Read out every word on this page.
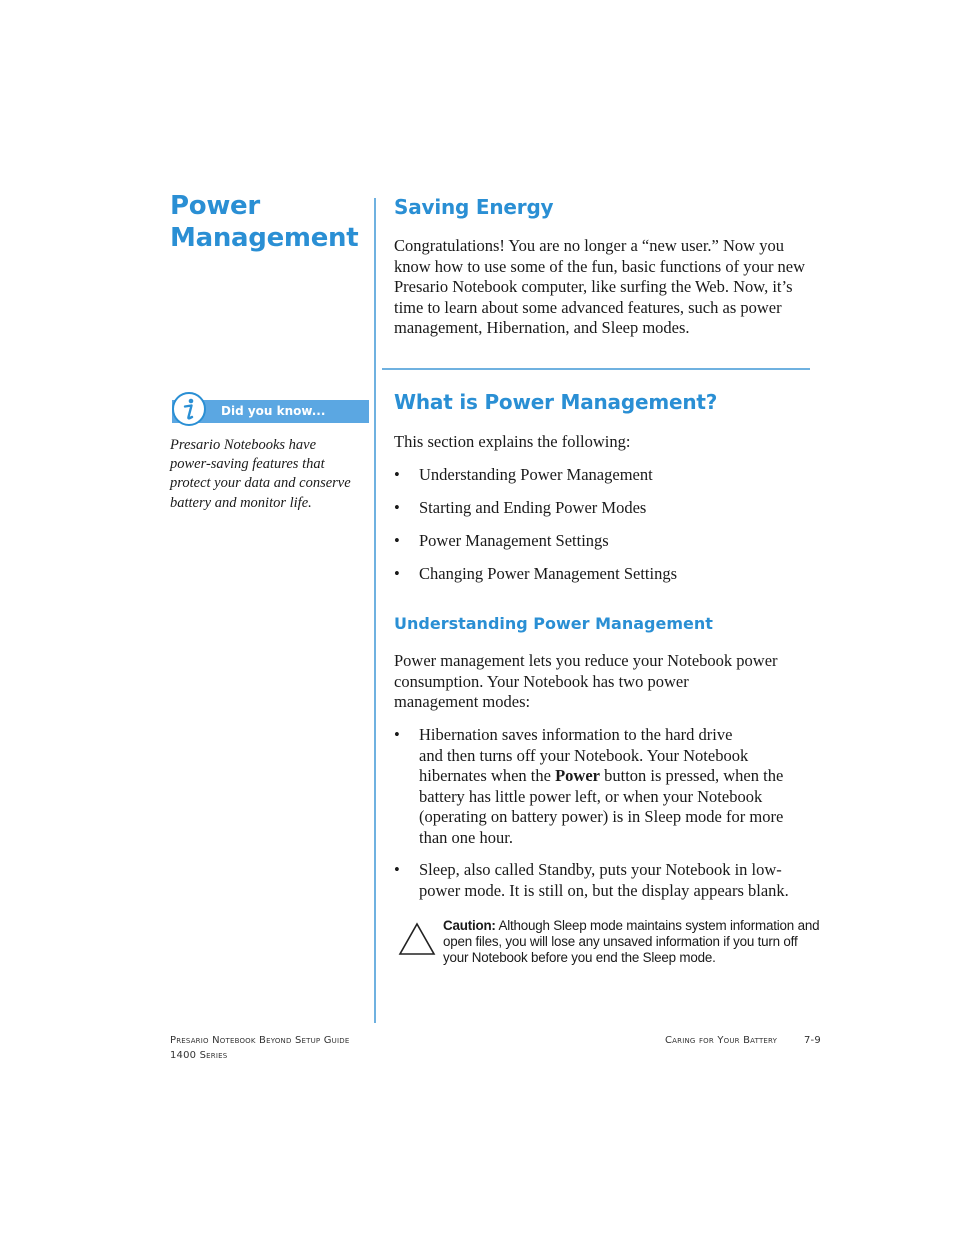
Power
Management
Saving Energy
Congratulations! You are no longer a “new user.” Now you
know how to use some of the fun, basic functions of your new
Presario Notebook computer, like surfing the Web. Now, it’s
time to learn about some advanced features, such as power
management, Hibernation, and Sleep modes.
Did you know...
Presario Notebooks have
power-saving features that
protect your data and conserve
battery and monitor life.
What is Power Management?
This section explains the following:
• Understanding Power Management
• Starting and Ending Power Modes
• Power Management Settings
• Changing Power Management Settings
Understanding Power Management
Power management lets you reduce your Notebook power
consumption. Your Notebook has two power
management modes:
• Hibernation saves information to the hard drive
and then turns off your Notebook. Your Notebook
hibernates when the Power button is pressed, when the
battery has little power left, or when your Notebook
(operating on battery power) is in Sleep mode for more
than one hour.
• Sleep, also called Standby, puts your Notebook in low-
power mode. It is still on, but the display appears blank.
Caution: Although Sleep mode maintains system information and
open files, you will lose any unsaved information if you turn off
your Notebook before you end the Sleep mode.
Presario Notebook Beyond Setup Guide
1400 Series
Caring for Your Battery	7-9
